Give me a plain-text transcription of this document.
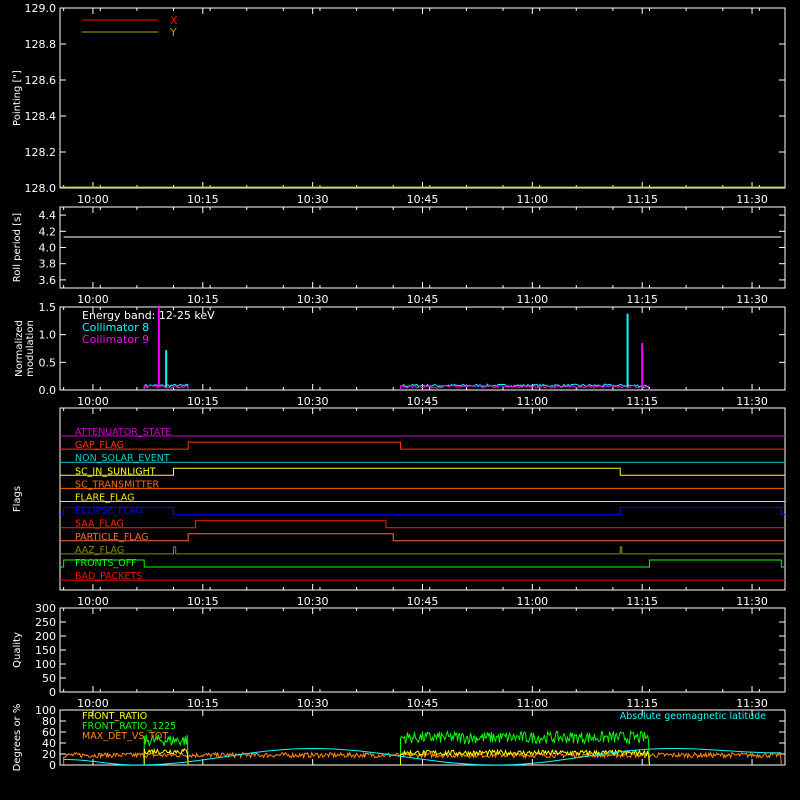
10:00	10:15	10:30	10:45	11:00	11:15	11:30
128.0
128.2
128.4
128.6
128.8
129.0
Pointing ["]
X
Y
10:00	10:15	10:30	10:45	11:00	11:15	11:30
3.6
3.8
4.0
4.2
4.4
Roll period [s]
10:00	10:15	10:30	10:45	11:00	11:15	11:30
0.0
0.5
1.0
1.5
Normalized modulation
Energy band: 12-25 keV
Collimator 8
Collimator 9
10:00	10:15	10:30	10:45	11:00	11:15	11:30
Flags
ATTENUATOR_STATE
GAP_FLAG
NON_SOLAR_EVENT
SC_IN_SUNLIGHT
SC_TRANSMITTER
FLARE_FLAG
ECLIPSE_FLAG
SAA_FLAG
PARTICLE_FLAG
AAZ_FLAG
FRONTS_OFF
BAD_PACKETS
10:00	10:15	10:30	10:45	11:00	11:15	11:30
0
50
100
150
200
250
300
Quality
0
20
40
60
80
100
Degrees or %	FRONT_RATIO
FRONT_RATIO_1225
MAX_DET_VS_TOT
Absolute geomagnetic latitude
